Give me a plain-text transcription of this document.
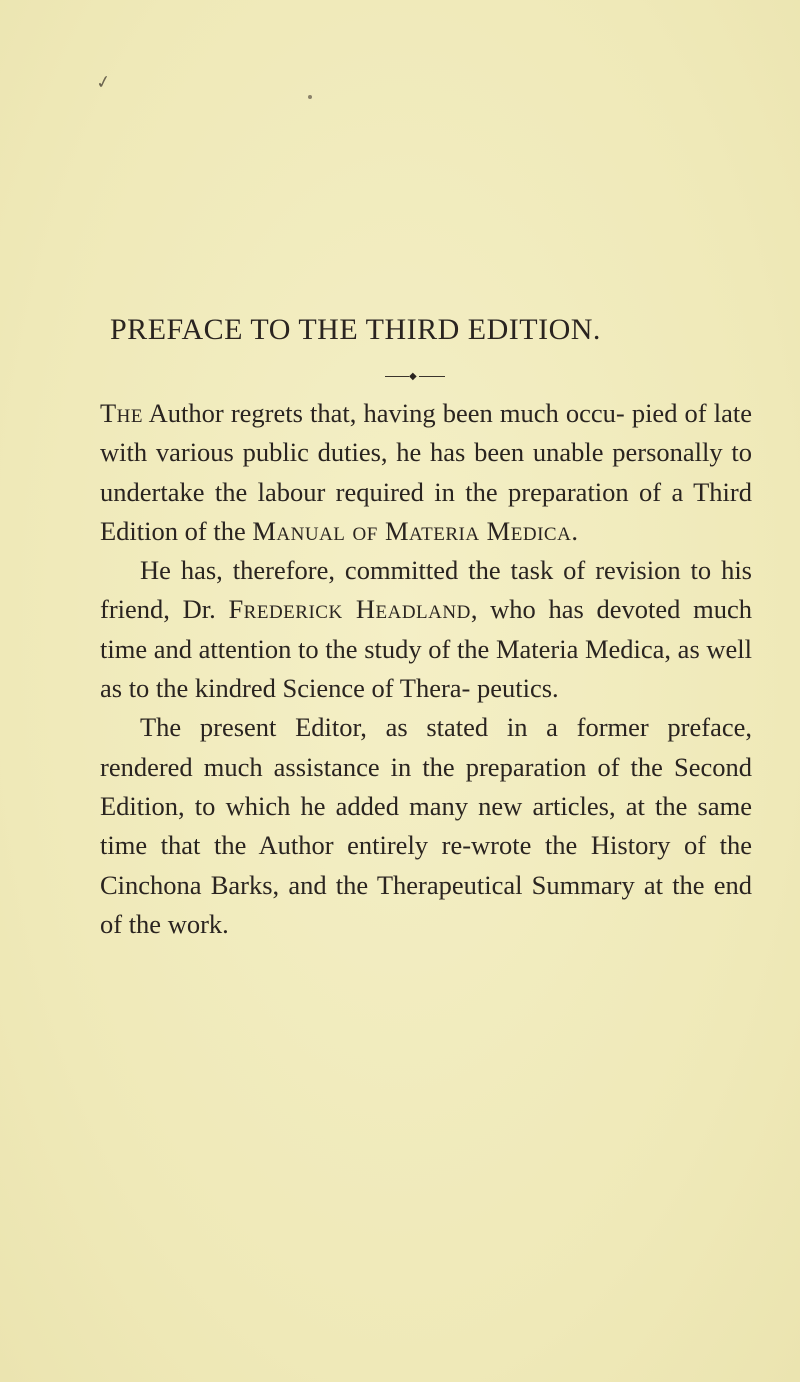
✓
PREFACE TO THE THIRD EDITION.
◆

The Author regrets that, having been much occu- pied of late with various public duties, he has been unable personally to undertake the labour required in the preparation of a Third Edition of the Manual of Materia Medica.

He has, therefore, committed the task of revision to his friend, Dr. Frederick Headland, who has devoted much time and attention to the study of the Materia Medica, as well as to the kindred Science of Thera- peutics.

The present Editor, as stated in a former preface, rendered much assistance in the preparation of the Second Edition, to which he added many new articles, at the same time that the Author entirely re-wrote the History of the Cinchona Barks, and the Therapeutical Summary at the end of the work.
